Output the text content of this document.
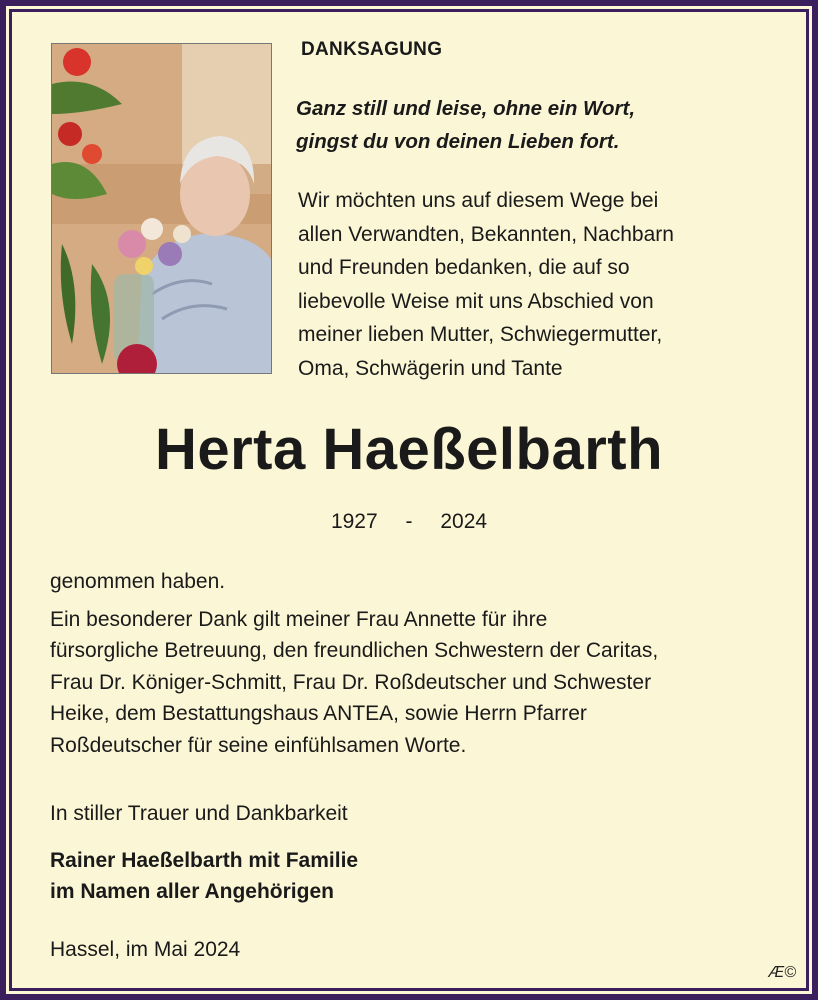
DANKSAGUNG
Ganz still und leise, ohne ein Wort,
gingst du von deinen Lieben fort.
Wir möchten uns auf diesem Wege bei
allen Verwandten, Bekannten, Nachbarn
und Freunden bedanken, die auf so
liebevolle Weise mit uns Abschied von
meiner lieben Mutter, Schwiegermutter,
Oma, Schwägerin und Tante
Herta Haeßelbarth
1927 - 2024

genommen haben.

Ein besonderer Dank gilt meiner Frau Annette für ihre
fürsorgliche Betreuung, den freundlichen Schwestern der Caritas,
Frau Dr. Königer-Schmitt, Frau Dr. Roßdeutscher und Schwester
Heike, dem Bestattungshaus ANTEA, sowie Herrn Pfarrer
Roßdeutscher für seine einfühlsamen Worte.
In stiller Trauer und Dankbarkeit
Rainer Haeßelbarth mit Familie
im Namen aller Angehörigen
Hassel, im Mai 2024
Æ©
